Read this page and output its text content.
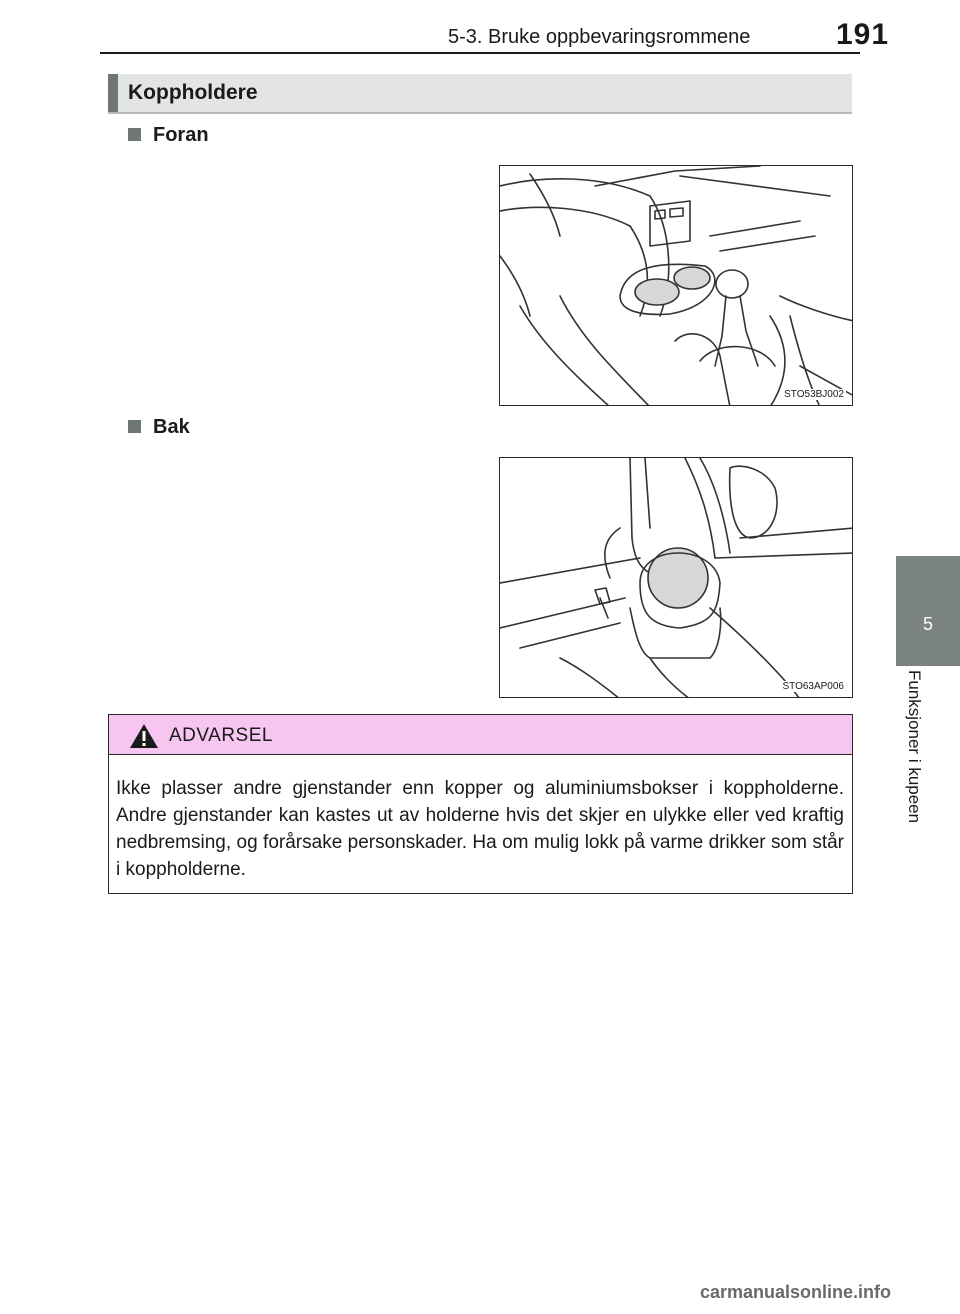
5-3. Bruke oppbevaringsrommene	191
5
Funksjoner i kupeen
Koppholdere
Foran
STO53BJ002
Bak
STO63AP006
ADVARSEL
Ikke plasser andre gjenstander enn kopper og aluminiumsbokser i koppholderne. Andre gjenstander kan kastes ut av holderne hvis det skjer en ulykke eller ved kraftig nedbremsing, og forårsake personskader. Ha om mulig lokk på varme drikker som står i koppholderne.
carmanualsonline.info
